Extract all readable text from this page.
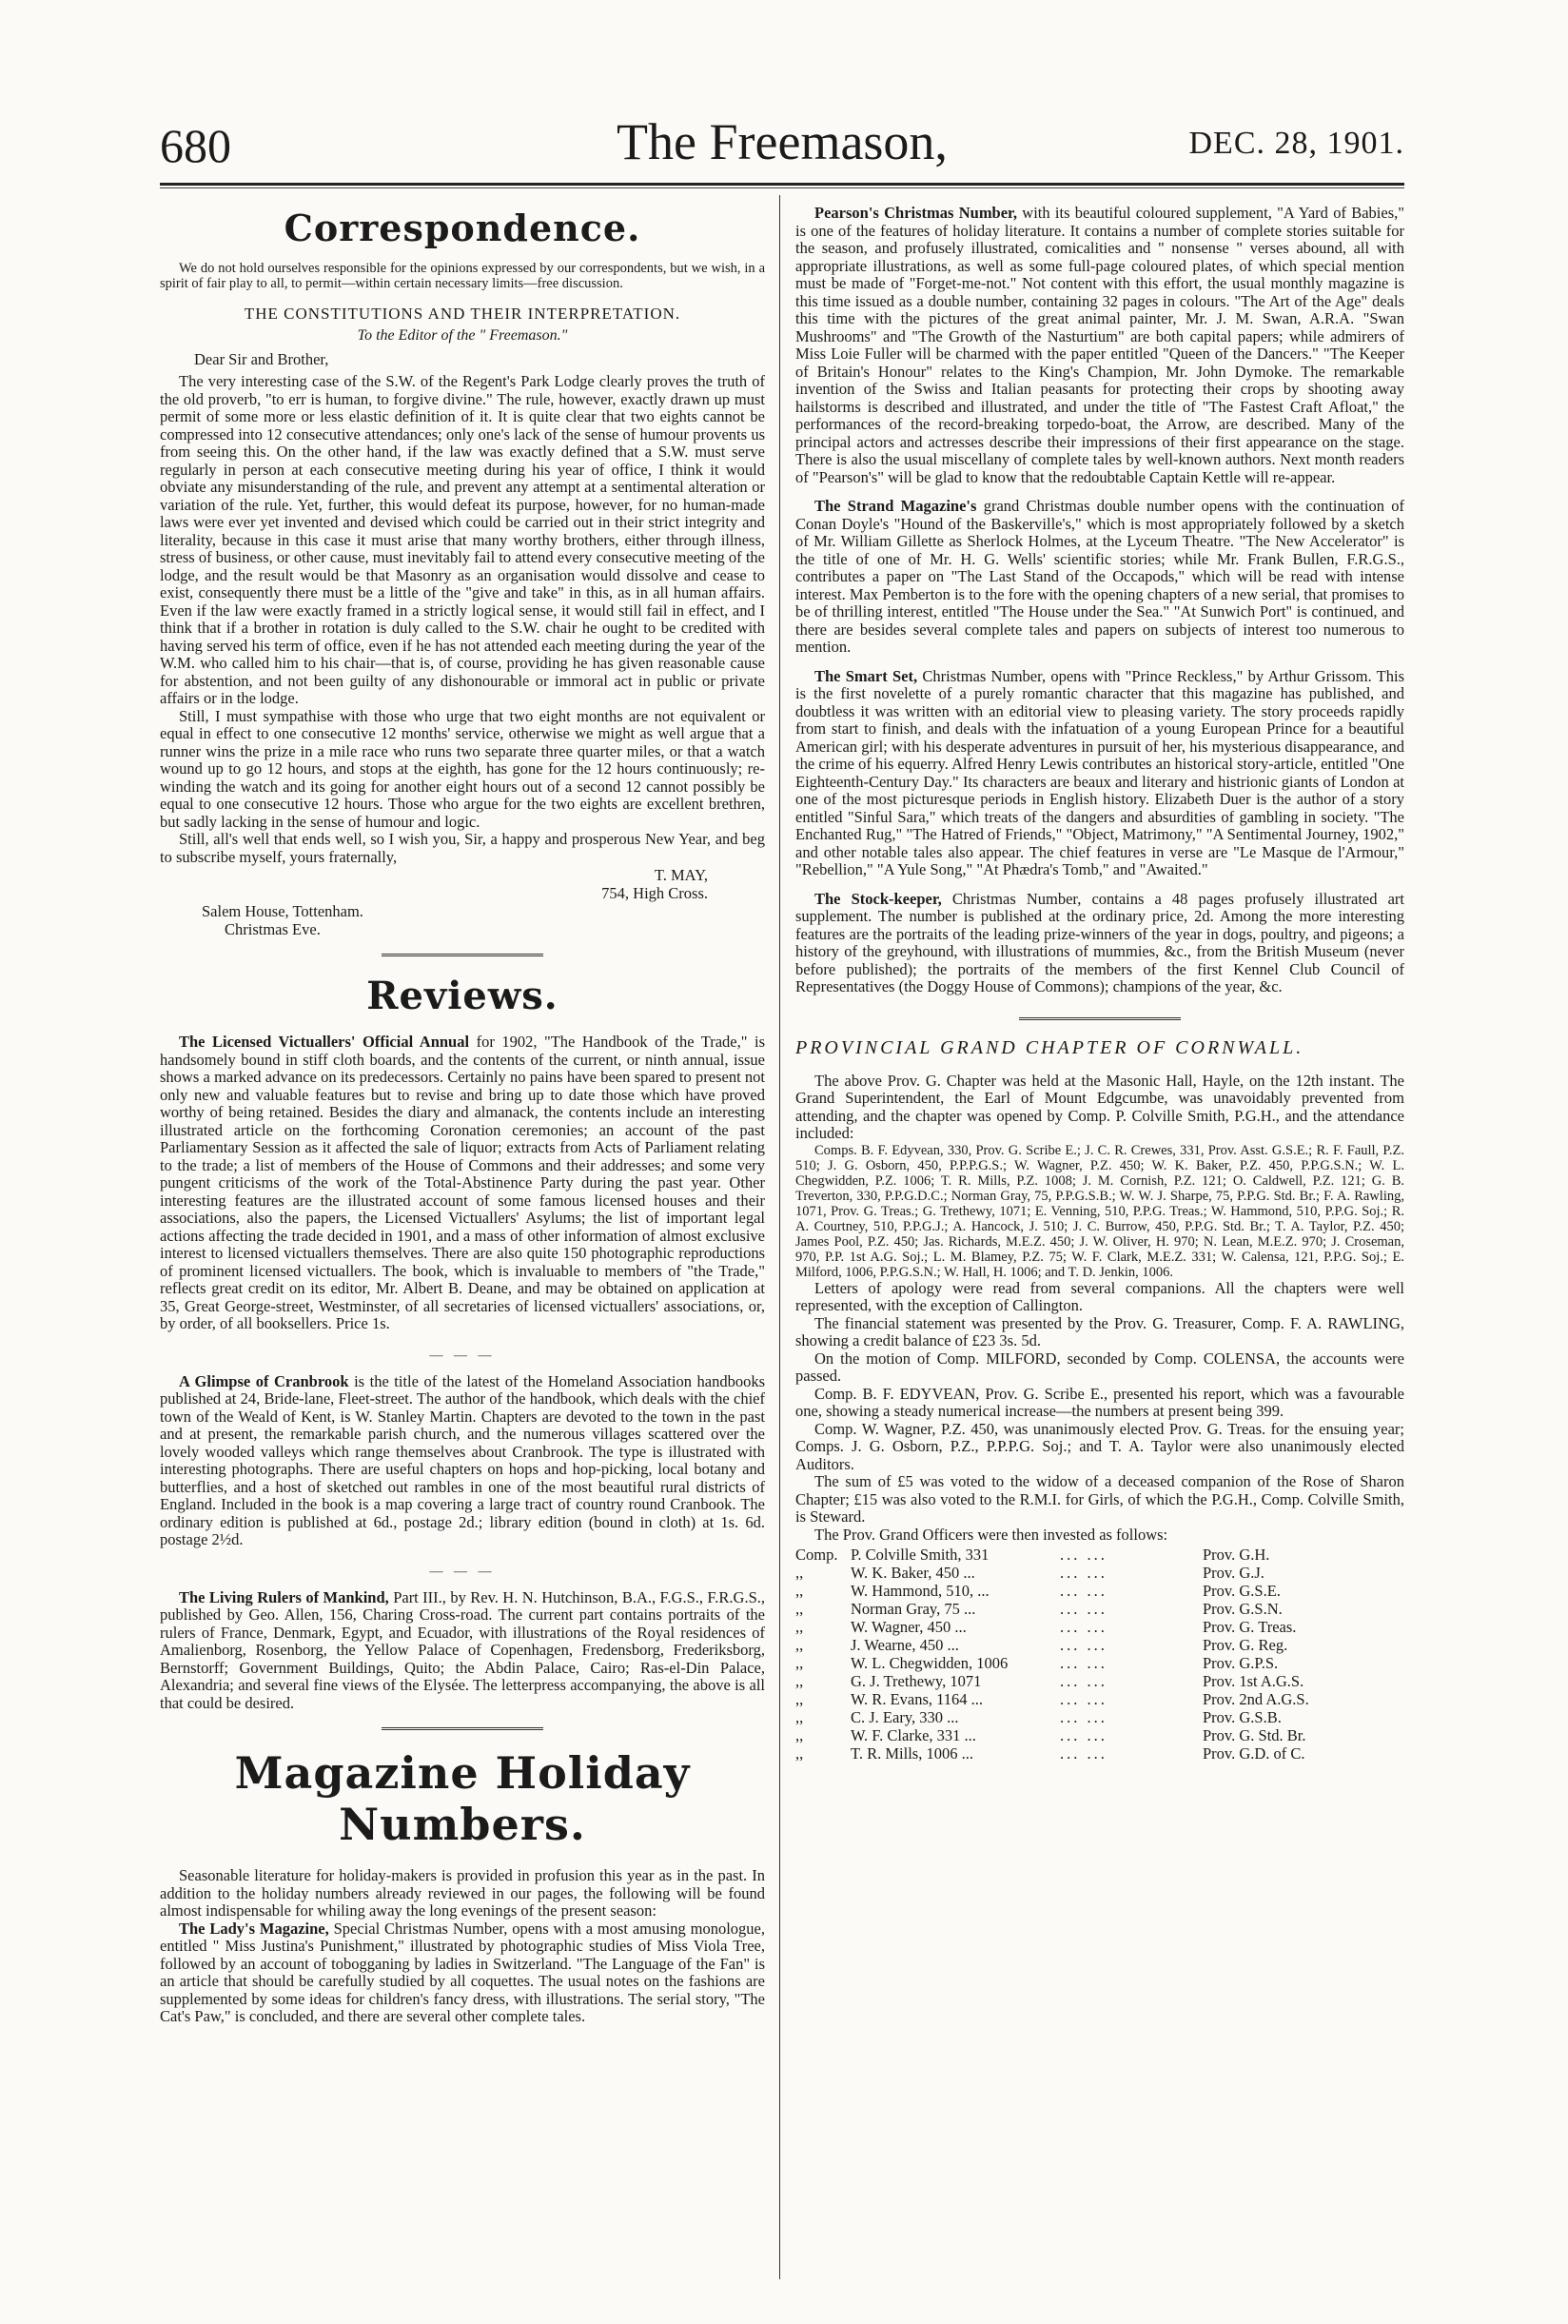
680	The Freemason,	DEC. 28, 1901.
Correspondence.

We do not hold ourselves responsible for the opinions expressed by our correspondents, but we wish, in a spirit of fair play to all, to permit—within certain necessary limits—free discussion.

THE CONSTITUTIONS AND THEIR INTERPRETATION.
To the Editor of the " Freemason."
Dear Sir and Brother,

The very interesting case of the S.W. of the Regent's Park Lodge clearly proves the truth of the old proverb, "to err is human, to forgive divine." The rule, however, exactly drawn up must permit of some more or less elastic definition of it. It is quite clear that two eights cannot be compressed into 12 consecutive attendances; only one's lack of the sense of humour provents us from seeing this. On the other hand, if the law was exactly defined that a S.W. must serve regularly in person at each consecutive meeting during his year of office, I think it would obviate any misunderstanding of the rule, and prevent any attempt at a sentimental alteration or variation of the rule. Yet, further, this would defeat its purpose, however, for no human-made laws were ever yet invented and devised which could be carried out in their strict integrity and literality, because in this case it must arise that many worthy brothers, either through illness, stress of business, or other cause, must inevitably fail to attend every consecutive meeting of the lodge, and the result would be that Masonry as an organisation would dissolve and cease to exist, consequently there must be a little of the "give and take" in this, as in all human affairs. Even if the law were exactly framed in a strictly logical sense, it would still fail in effect, and I think that if a brother in rotation is duly called to the S.W. chair he ought to be credited with having served his term of office, even if he has not attended each meeting during the year of the W.M. who called him to his chair—that is, of course, providing he has given reasonable cause for abstention, and not been guilty of any dishonourable or immoral act in public or private affairs or in the lodge.

Still, I must sympathise with those who urge that two eight months are not equivalent or equal in effect to one consecutive 12 months' service, otherwise we might as well argue that a runner wins the prize in a mile race who runs two separate three quarter miles, or that a watch wound up to go 12 hours, and stops at the eighth, has gone for the 12 hours continuously; re-winding the watch and its going for another eight hours out of a second 12 cannot possibly be equal to one consecutive 12 hours. Those who argue for the two eights are excellent brethren, but sadly lacking in the sense of humour and logic.

Still, all's well that ends well, so I wish you, Sir, a happy and prosperous New Year, and beg to subscribe myself, yours fraternally,

T. MAY,
754, High Cross.
Salem House, Tottenham.
Christmas Eve.
Reviews.

The Licensed Victuallers' Official Annual for 1902, "The Handbook of the Trade," is handsomely bound in stiff cloth boards, and the contents of the current, or ninth annual, issue shows a marked advance on its predecessors. Certainly no pains have been spared to present not only new and valuable features but to revise and bring up to date those which have proved worthy of being retained. Besides the diary and almanack, the contents include an interesting illustrated article on the forthcoming Coronation ceremonies; an account of the past Parliamentary Session as it affected the sale of liquor; extracts from Acts of Parliament relating to the trade; a list of members of the House of Commons and their addresses; and some very pungent criticisms of the work of the Total-Abstinence Party during the past year. Other interesting features are the illustrated account of some famous licensed houses and their associations, also the papers, the Licensed Victuallers' Asylums; the list of important legal actions affecting the trade decided in 1901, and a mass of other information of almost exclusive interest to licensed victuallers themselves. There are also quite 150 photographic reproductions of prominent licensed victuallers. The book, which is invaluable to members of "the Trade," reflects great credit on its editor, Mr. Albert B. Deane, and may be obtained on application at 35, Great George-street, Westminster, of all secretaries of licensed victuallers' associations, or, by order, of all booksellers. Price 1s.

— — —

A Glimpse of Cranbrook is the title of the latest of the Homeland Association handbooks published at 24, Bride-lane, Fleet-street. The author of the handbook, which deals with the chief town of the Weald of Kent, is W. Stanley Martin. Chapters are devoted to the town in the past and at present, the remarkable parish church, and the numerous villages scattered over the lovely wooded valleys which range themselves about Cranbrook. The type is illustrated with interesting photographs. There are useful chapters on hops and hop-picking, local botany and butterflies, and a host of sketched out rambles in one of the most beautiful rural districts of England. Included in the book is a map covering a large tract of country round Cranbook. The ordinary edition is published at 6d., postage 2d.; library edition (bound in cloth) at 1s. 6d. postage 2½d.

— — —

The Living Rulers of Mankind, Part III., by Rev. H. N. Hutchinson, B.A., F.G.S., F.R.G.S., published by Geo. Allen, 156, Charing Cross-road. The current part contains portraits of the rulers of France, Denmark, Egypt, and Ecuador, with illustrations of the Royal residences of Amalienborg, Rosenborg, the Yellow Palace of Copenhagen, Fredensborg, Frederiksborg, Bernstorff; Government Buildings, Quito; the Abdin Palace, Cairo; Ras-el-Din Palace, Alexandria; and several fine views of the Elysée. The letterpress accompanying, the above is all that could be desired.

Magazine Holiday Numbers.

Seasonable literature for holiday-makers is provided in profusion this year as in the past. In addition to the holiday numbers already reviewed in our pages, the following will be found almost indispensable for whiling away the long evenings of the present season:

The Lady's Magazine, Special Christmas Number, opens with a most amusing monologue, entitled " Miss Justina's Punishment," illustrated by photographic studies of Miss Viola Tree, followed by an account of tobogganing by ladies in Switzerland. "The Language of the Fan" is an article that should be carefully studied by all coquettes. The usual notes on the fashions are supplemented by some ideas for children's fancy dress, with illustrations. The serial story, "The Cat's Paw," is concluded, and there are several other complete tales.

Pearson's Christmas Number, with its beautiful coloured supplement, "A Yard of Babies," is one of the features of holiday literature. It contains a number of complete stories suitable for the season, and profusely illustrated, comicalities and " nonsense " verses abound, all with appropriate illustrations, as well as some full-page coloured plates, of which special mention must be made of "Forget-me-not." Not content with this effort, the usual monthly magazine is this time issued as a double number, containing 32 pages in colours. "The Art of the Age" deals this time with the pictures of the great animal painter, Mr. J. M. Swan, A.R.A. "Swan Mushrooms" and "The Growth of the Nasturtium" are both capital papers; while admirers of Miss Loie Fuller will be charmed with the paper entitled "Queen of the Dancers." "The Keeper of Britain's Honour" relates to the King's Champion, Mr. John Dymoke. The remarkable invention of the Swiss and Italian peasants for protecting their crops by shooting away hailstorms is described and illustrated, and under the title of "The Fastest Craft Afloat," the performances of the record-breaking torpedo-boat, the Arrow, are described. Many of the principal actors and actresses describe their impressions of their first appearance on the stage. There is also the usual miscellany of complete tales by well-known authors. Next month readers of "Pearson's" will be glad to know that the redoubtable Captain Kettle will re-appear.

The Strand Magazine's grand Christmas double number opens with the continuation of Conan Doyle's "Hound of the Baskerville's," which is most appropriately followed by a sketch of Mr. William Gillette as Sherlock Holmes, at the Lyceum Theatre. "The New Accelerator" is the title of one of Mr. H. G. Wells' scientific stories; while Mr. Frank Bullen, F.R.G.S., contributes a paper on "The Last Stand of the Occapods," which will be read with intense interest. Max Pemberton is to the fore with the opening chapters of a new serial, that promises to be of thrilling interest, entitled "The House under the Sea." "At Sunwich Port" is continued, and there are besides several complete tales and papers on subjects of interest too numerous to mention.

The Smart Set, Christmas Number, opens with "Prince Reckless," by Arthur Grissom. This is the first novelette of a purely romantic character that this magazine has published, and doubtless it was written with an editorial view to pleasing variety. The story proceeds rapidly from start to finish, and deals with the infatuation of a young European Prince for a beautiful American girl; with his desperate adventures in pursuit of her, his mysterious disappearance, and the crime of his equerry. Alfred Henry Lewis contributes an historical story-article, entitled "One Eighteenth-Century Day." Its characters are beaux and literary and histrionic giants of London at one of the most picturesque periods in English history. Elizabeth Duer is the author of a story entitled "Sinful Sara," which treats of the dangers and absurdities of gambling in society. "The Enchanted Rug," "The Hatred of Friends," "Object, Matrimony," "A Sentimental Journey, 1902," and other notable tales also appear. The chief features in verse are "Le Masque de l'Armour," "Rebellion," "A Yule Song," "At Phædra's Tomb," and "Awaited."

The Stock-keeper, Christmas Number, contains a 48 pages profusely illustrated art supplement. The number is published at the ordinary price, 2d. Among the more interesting features are the portraits of the leading prize-winners of the year in dogs, poultry, and pigeons; a history of the greyhound, with illustrations of mummies, &c., from the British Museum (never before published); the portraits of the members of the first Kennel Club Council of Representatives (the Doggy House of Commons); champions of the year, &c.

PROVINCIAL GRAND CHAPTER OF CORNWALL.

The above Prov. G. Chapter was held at the Masonic Hall, Hayle, on the 12th instant. The Grand Superintendent, the Earl of Mount Edgcumbe, was unavoidably prevented from attending, and the chapter was opened by Comp. P. Colville Smith, P.G.H., and the attendance included:

Comps. B. F. Edyvean, 330, Prov. G. Scribe E.; J. C. R. Crewes, 331, Prov. Asst. G.S.E.; R. F. Faull, P.Z. 510; J. G. Osborn, 450, P.P.P.G.S.; W. Wagner, P.Z. 450; W. K. Baker, P.Z. 450, P.P.G.S.N.; W. L. Chegwidden, P.Z. 1006; T. R. Mills, P.Z. 1008; J. M. Cornish, P.Z. 121; O. Caldwell, P.Z. 121; G. B. Treverton, 330, P.P.G.D.C.; Norman Gray, 75, P.P.G.S.B.; W. W. J. Sharpe, 75, P.P.G. Std. Br.; F. A. Rawling, 1071, Prov. G. Treas.; G. Trethewy, 1071; E. Venning, 510, P.P.G. Treas.; W. Hammond, 510, P.P.G. Soj.; R. A. Courtney, 510, P.P.G.J.; A. Hancock, J. 510; J. C. Burrow, 450, P.P.G. Std. Br.; T. A. Taylor, P.Z. 450; James Pool, P.Z. 450; Jas. Richards, M.E.Z. 450; J. W. Oliver, H. 970; N. Lean, M.E.Z. 970; J. Croseman, 970, P.P. 1st A.G. Soj.; L. M. Blamey, P.Z. 75; W. F. Clark, M.E.Z. 331; W. Calensa, 121, P.P.G. Soj.; E. Milford, 1006, P.P.G.S.N.; W. Hall, H. 1006; and T. D. Jenkin, 1006.

Letters of apology were read from several companions. All the chapters were well represented, with the exception of Callington.

The financial statement was presented by the Prov. G. Treasurer, Comp. F. A. RAWLING, showing a credit balance of £23 3s. 5d.

On the motion of Comp. MILFORD, seconded by Comp. COLENSA, the accounts were passed.

Comp. B. F. EDYVEAN, Prov. G. Scribe E., presented his report, which was a favourable one, showing a steady numerical increase—the numbers at present being 399.

Comp. W. Wagner, P.Z. 450, was unanimously elected Prov. G. Treas. for the ensuing year; Comps. J. G. Osborn, P.Z., P.P.P.G. Soj.; and T. A. Taylor were also unanimously elected Auditors.

The sum of £5 was voted to the widow of a deceased companion of the Rose of Sharon Chapter; £15 was also voted to the R.M.I. for Girls, of which the P.G.H., Comp. Colville Smith, is Steward.

The Prov. Grand Officers were then invested as follows:

Comp.	P. Colville Smith, 331	... ...	Prov. G.H.
,,	W. K. Baker, 450 ...	... ...	Prov. G.J.
,,	W. Hammond, 510, ...	... ...	Prov. G.S.E.
,,	Norman Gray, 75 ...	... ...	Prov. G.S.N.
,,	W. Wagner, 450 ...	... ...	Prov. G. Treas.
,,	J. Wearne, 450 ...	... ...	Prov. G. Reg.
,,	W. L. Chegwidden, 1006	... ...	Prov. G.P.S.
,,	G. J. Trethewy, 1071	... ...	Prov. 1st A.G.S.
,,	W. R. Evans, 1164 ...	... ...	Prov. 2nd A.G.S.
,,	C. J. Eary, 330 ...	... ...	Prov. G.S.B.
,,	W. F. Clarke, 331 ...	... ...	Prov. G. Std. Br.
,,	T. R. Mills, 1006 ...	... ...	Prov. G.D. of C.
